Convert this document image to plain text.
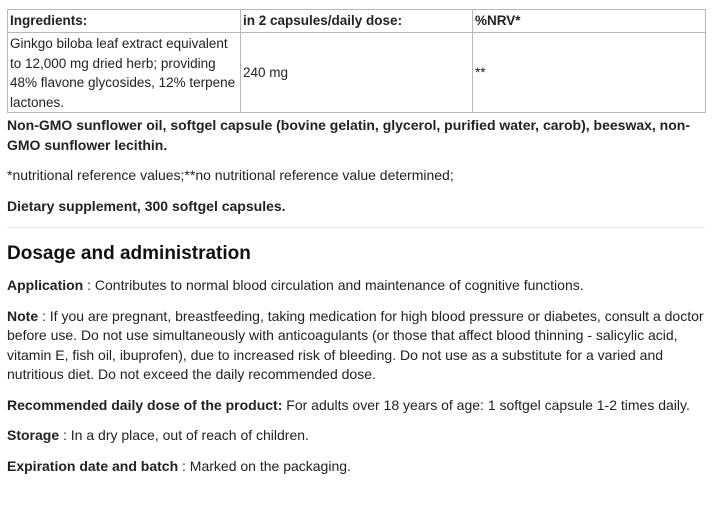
Ingredients:	in 2 capsules/daily dose:	%NRV*
Ginkgo biloba leaf extract equivalent to 12,000 mg dried herb; providing 48% flavone glycosides, 12% terpene lactones.	240 mg	**

Non-GMO sunflower oil, softgel capsule (bovine gelatin, glycerol, purified water, carob), beeswax, non-GMO sunflower lecithin.

*nutritional reference values;**no nutritional reference value determined;

Dietary supplement, 300 softgel capsules.

Dosage and administration

Application : Contributes to normal blood circulation and maintenance of cognitive functions.

Note : If you are pregnant, breastfeeding, taking medication for high blood pressure or diabetes, consult a doctor before use. Do not use simultaneously with anticoagulants (or those that affect blood thinning - salicylic acid, vitamin E, fish oil, ibuprofen), due to increased risk of bleeding. Do not use as a substitute for a varied and nutritious diet. Do not exceed the daily recommended dose.

Recommended daily dose of the product: For adults over 18 years of age: 1 softgel capsule 1-2 times daily.

Storage : In a dry place, out of reach of children.

Expiration date and batch : Marked on the packaging.
